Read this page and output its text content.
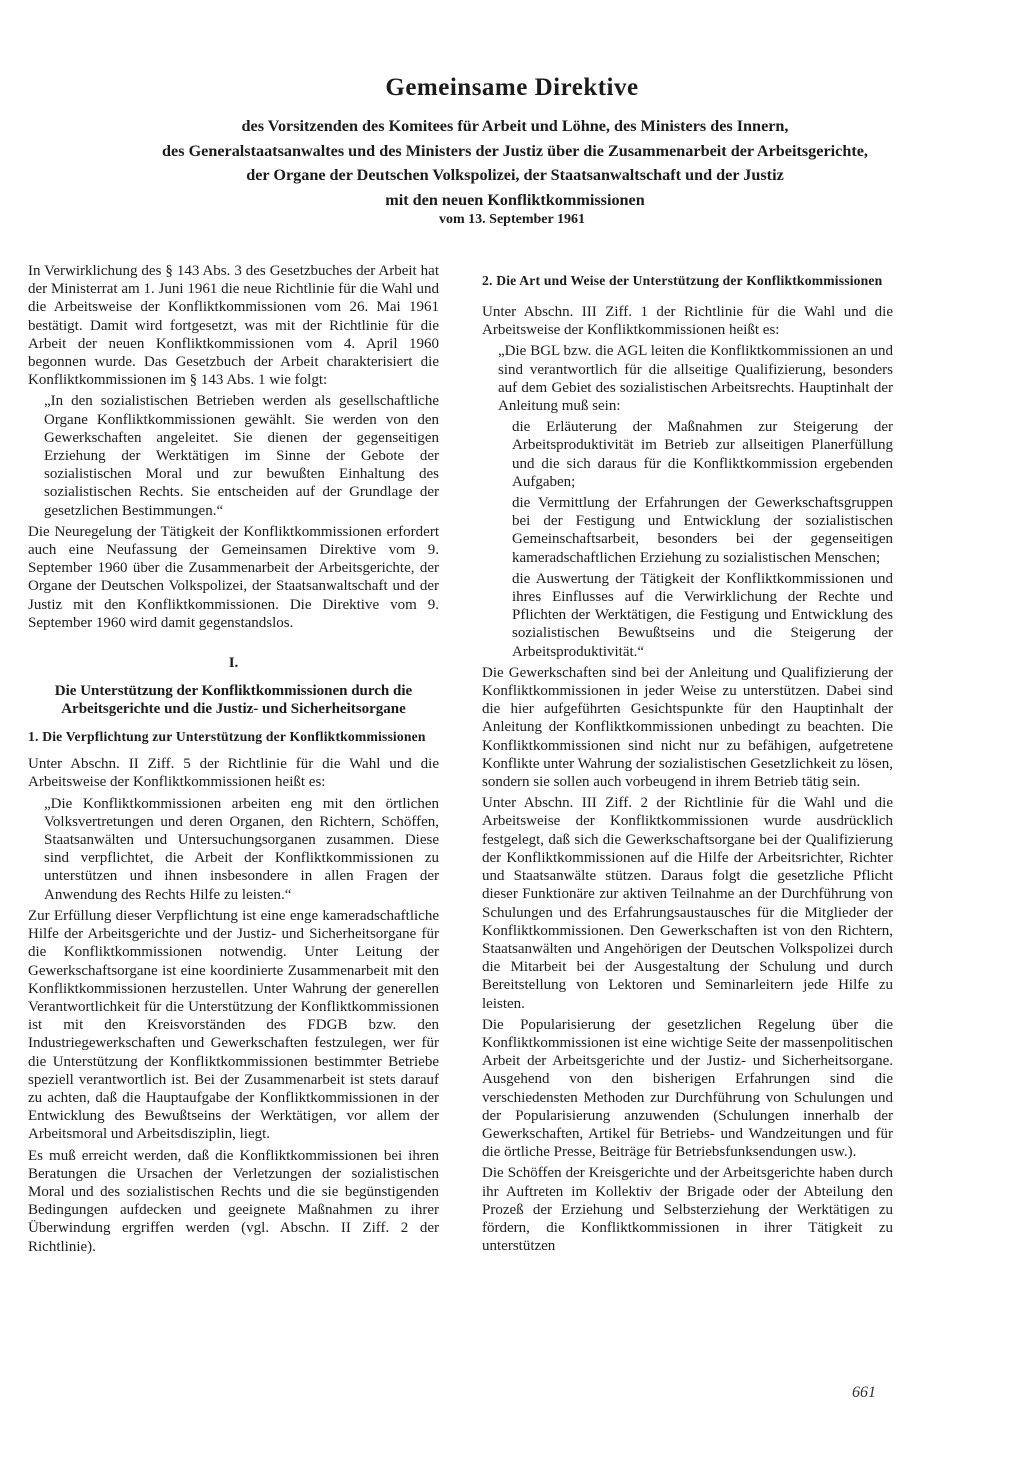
Gemeinsame Direktive
des Vorsitzenden des Komitees für Arbeit und Löhne, des Ministers des Innern,
des Generalstaatsanwaltes und des Ministers der Justiz über die Zusammenarbeit der Arbeitsgerichte,
der Organe der Deutschen Volkspolizei, der Staatsanwaltschaft und der Justiz
mit den neuen Konfliktkommissionen
vom 13. September 1961

In Verwirklichung des § 143 Abs. 3 des Gesetzbuches der Arbeit hat der Ministerrat am 1. Juni 1961 die neue Richtlinie für die Wahl und die Arbeitsweise der Konfliktkommissionen vom 26. Mai 1961 bestätigt. Damit wird fortgesetzt, was mit der Richtlinie für die Arbeit der neuen Konfliktkommissionen vom 4. April 1960 begonnen wurde. Das Gesetzbuch der Arbeit charakterisiert die Konfliktkommissionen im § 143 Abs. 1 wie folgt:

„In den sozialistischen Betrieben werden als gesellschaftliche Organe Konfliktkommissionen gewählt. Sie werden von den Gewerkschaften angeleitet. Sie dienen der gegenseitigen Erziehung der Werktätigen im Sinne der Gebote der sozialistischen Moral und zur bewußten Einhaltung des sozialistischen Rechts. Sie entscheiden auf der Grundlage der gesetzlichen Bestimmungen.“

Die Neuregelung der Tätigkeit der Konfliktkommissionen erfordert auch eine Neufassung der Gemeinsamen Direktive vom 9. September 1960 über die Zusammenarbeit der Arbeitsgerichte, der Organe der Deutschen Volkspolizei, der Staatsanwaltschaft und der Justiz mit den Konfliktkommissionen. Die Direktive vom 9. September 1960 wird damit gegenstandslos.

I.
Die Unterstützung der Konfliktkommissionen durch die Arbeitsgerichte und die Justiz- und Sicherheitsorgane
1. Die Verpflichtung zur Unterstützung der Konfliktkommissionen

Unter Abschn. II Ziff. 5 der Richtlinie für die Wahl und die Arbeitsweise der Konfliktkommissionen heißt es:

„Die Konfliktkommissionen arbeiten eng mit den örtlichen Volksvertretungen und deren Organen, den Richtern, Schöffen, Staatsanwälten und Untersuchungsorganen zusammen. Diese sind verpflichtet, die Arbeit der Konfliktkommissionen zu unterstützen und ihnen insbesondere in allen Fragen der Anwendung des Rechts Hilfe zu leisten.“

Zur Erfüllung dieser Verpflichtung ist eine enge kameradschaftliche Hilfe der Arbeitsgerichte und der Justiz- und Sicherheitsorgane für die Konfliktkommissionen notwendig. Unter Leitung der Gewerkschaftsorgane ist eine koordinierte Zusammenarbeit mit den Konfliktkommissionen herzustellen. Unter Wahrung der generellen Verantwortlichkeit für die Unterstützung der Konfliktkommissionen ist mit den Kreisvorständen des FDGB bzw. den Industriegewerkschaften und Gewerkschaften festzulegen, wer für die Unterstützung der Konfliktkommissionen bestimmter Betriebe speziell verantwortlich ist. Bei der Zusammenarbeit ist stets darauf zu achten, daß die Hauptaufgabe der Konfliktkommissionen in der Entwicklung des Bewußtseins der Werktätigen, vor allem der Arbeitsmoral und Arbeitsdisziplin, liegt.

Es muß erreicht werden, daß die Konfliktkommissionen bei ihren Beratungen die Ursachen der Verletzungen der sozialistischen Moral und des sozialistischen Rechts und die sie begünstigenden Bedingungen aufdecken und geeignete Maßnahmen zu ihrer Überwindung ergriffen werden (vgl. Abschn. II Ziff. 2 der Richtlinie).

2. Die Art und Weise der Unterstützung der Konfliktkommissionen

Unter Abschn. III Ziff. 1 der Richtlinie für die Wahl und die Arbeitsweise der Konfliktkommissionen heißt es:

„Die BGL bzw. die AGL leiten die Konfliktkommissionen an und sind verantwortlich für die allseitige Qualifizierung, besonders auf dem Gebiet des sozialistischen Arbeitsrechts. Hauptinhalt der Anleitung muß sein:

die Erläuterung der Maßnahmen zur Steigerung der Arbeitsproduktivität im Betrieb zur allseitigen Planerfüllung und die sich daraus für die Konfliktkommission ergebenden Aufgaben;

die Vermittlung der Erfahrungen der Gewerkschaftsgruppen bei der Festigung und Entwicklung der sozialistischen Gemeinschaftsarbeit, besonders bei der gegenseitigen kameradschaftlichen Erziehung zu sozialistischen Menschen;

die Auswertung der Tätigkeit der Konfliktkommissionen und ihres Einflusses auf die Verwirklichung der Rechte und Pflichten der Werktätigen, die Festigung und Entwicklung des sozialistischen Bewußtseins und die Steigerung der Arbeitsproduktivität.“

Die Gewerkschaften sind bei der Anleitung und Qualifizierung der Konfliktkommissionen in jeder Weise zu unterstützen. Dabei sind die hier aufgeführten Gesichtspunkte für den Hauptinhalt der Anleitung der Konfliktkommissionen unbedingt zu beachten. Die Konfliktkommissionen sind nicht nur zu befähigen, aufgetretene Konflikte unter Wahrung der sozialistischen Gesetzlichkeit zu lösen, sondern sie sollen auch vorbeugend in ihrem Betrieb tätig sein.

Unter Abschn. III Ziff. 2 der Richtlinie für die Wahl und die Arbeitsweise der Konfliktkommissionen wurde ausdrücklich festgelegt, daß sich die Gewerkschaftsorgane bei der Qualifizierung der Konfliktkommissionen auf die Hilfe der Arbeitsrichter, Richter und Staatsanwälte stützen. Daraus folgt die gesetzliche Pflicht dieser Funktionäre zur aktiven Teilnahme an der Durchführung von Schulungen und des Erfahrungsaustausches für die Mitglieder der Konfliktkommissionen. Den Gewerkschaften ist von den Richtern, Staatsanwälten und Angehörigen der Deutschen Volkspolizei durch die Mitarbeit bei der Ausgestaltung der Schulung und durch Bereitstellung von Lektoren und Seminarleitern jede Hilfe zu leisten.

Die Popularisierung der gesetzlichen Regelung über die Konfliktkommissionen ist eine wichtige Seite der massenpolitischen Arbeit der Arbeitsgerichte und der Justiz- und Sicherheitsorgane. Ausgehend von den bisherigen Erfahrungen sind die verschiedensten Methoden zur Durchführung von Schulungen und der Popularisierung anzuwenden (Schulungen innerhalb der Gewerkschaften, Artikel für Betriebs- und Wandzeitungen und für die örtliche Presse, Beiträge für Betriebsfunksendungen usw.).

Die Schöffen der Kreisgerichte und der Arbeitsgerichte haben durch ihr Auftreten im Kollektiv der Brigade oder der Abteilung den Prozeß der Erziehung und Selbsterziehung der Werktätigen zu fördern, die Konfliktkommissionen in ihrer Tätigkeit zu unterstützen

661
